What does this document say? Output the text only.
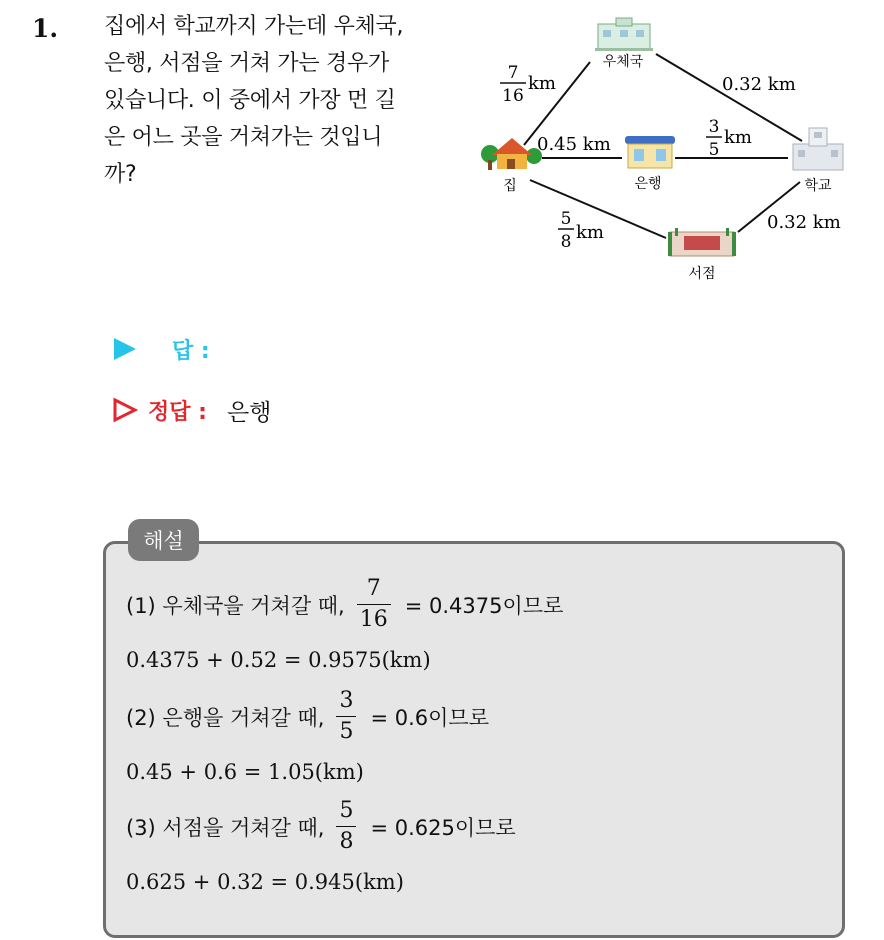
1. 집에서 학교까지 가는데 우체국,
은행, 서점을 거쳐 가는 경우가
있습니다. 이 중에서 가장 먼 길
은 어느 곳을 거쳐가는 것입니
까?
우체국
집	은행	학교
서점
7
16
km	0.32 km
0.45 km
3
5
km
5
8 km	0.32 km
답 :
정답 : 은행
해설
(1) 우체국을 거쳐갈 때, $\frac{7}{16} = 0.4375$이므로
0.4375 + 0.52 = 0.9575(km)
(2) 은행을 거쳐갈 때, $\frac{3}{5} = 0.6$이므로
0.45 + 0.6 = 1.05(km)
(3) 서점을 거쳐갈 때, $\frac{5}{8} = 0.625$이므로
0.625 + 0.32 = 0.945(km)
